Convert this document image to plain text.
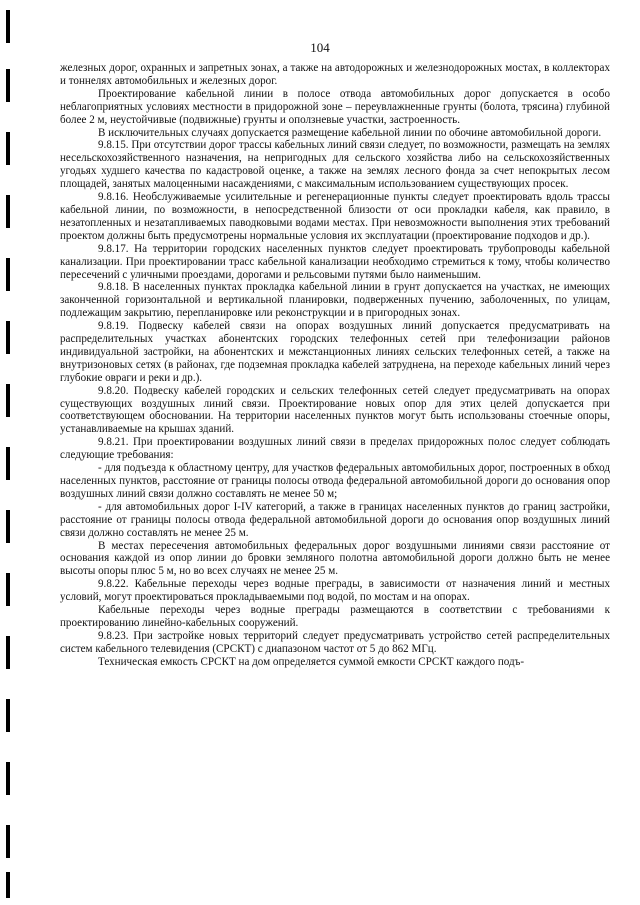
104

железных дорог, охранных и запретных зонах, а также на автодорожных и железнодорожных мостах, в коллекторах и тоннелях автомобильных и железных дорог.

Проектирование кабельной линии в полосе отвода автомобильных дорог допускается в особо неблагоприятных условиях местности в придорожной зоне – переувлажненные грунты (болота, трясина) глубиной более 2 м, неустойчивые (подвижные) грунты и оползневые участки, застроенность.

В исключительных случаях допускается размещение кабельной линии по обочине автомобильной дороги.

9.8.15. При отсутствии дорог трассы кабельных линий связи следует, по возможности, размещать на землях несельскохозяйственного назначения, на непригодных для сельского хозяйства либо на сельскохозяйственных угодьях худшего качества по кадастровой оценке, а также на землях лесного фонда за счет непокрытых лесом площадей, занятых малоценными насаждениями, с максимальным использованием существующих просек.

9.8.16. Необслуживаемые усилительные и регенерационные пункты следует проектировать вдоль трассы кабельной линии, по возможности, в непосредственной близости от оси прокладки кабеля, как правило, в незатопленных и незатапливаемых паводковыми водами местах. При невозможности выполнения этих требований проектом должны быть предусмотрены нормальные условия их эксплуатации (проектирование подходов и др.).

9.8.17. На территории городских населенных пунктов следует проектировать трубопроводы кабельной канализации. При проектировании трасс кабельной канализации необходимо стремиться к тому, чтобы количество пересечений с уличными проездами, дорогами и рельсовыми путями было наименьшим.

9.8.18. В населенных пунктах прокладка кабельной линии в грунт допускается на участках, не имеющих законченной горизонтальной и вертикальной планировки, подверженных пучению, заболоченных, по улицам, подлежащим закрытию, перепланировке или реконструкции и в пригородных зонах.

9.8.19. Подвеску кабелей связи на опорах воздушных линий допускается предусматривать на распределительных участках абонентских городских телефонных сетей при телефонизации районов индивидуальной застройки, на абонентских и межстанционных линиях сельских телефонных сетей, а также на внутризоновых сетях (в районах, где подземная прокладка кабелей затруднена, на переходе кабельных линий через глубокие овраги и реки и др.).

9.8.20. Подвеску кабелей городских и сельских телефонных сетей следует предусматривать на опорах существующих воздушных линий связи. Проектирование новых опор для этих целей допускается при соответствующем обосновании. На территории населенных пунктов могут быть использованы стоечные опоры, устанавливаемые на крышах зданий.

9.8.21. При проектировании воздушных линий связи в пределах придорожных полос следует соблюдать следующие требования:

- для подъезда к областному центру, для участков федеральных автомобильных дорог, построенных в обход населенных пунктов, расстояние от границы полосы отвода федеральной автомобильной дороги до основания опор воздушных линий связи должно составлять не менее 50 м;

- для автомобильных дорог I-IV категорий, а также в границах населенных пунктов до границ застройки, расстояние от границы полосы отвода федеральной автомобильной дороги до основания опор воздушных линий связи должно составлять не менее 25 м.

В местах пересечения автомобильных федеральных дорог воздушными линиями связи расстояние от основания каждой из опор линии до бровки земляного полотна автомобильной дороги должно быть не менее высоты опоры плюс 5 м, но во всех случаях не менее 25 м.

9.8.22. Кабельные переходы через водные преграды, в зависимости от назначения линий и местных условий, могут проектироваться прокладываемыми под водой, по мостам и на опорах.

Кабельные переходы через водные преграды размещаются в соответствии с требованиями к проектированию линейно-кабельных сооружений.

9.8.23. При застройке новых территорий следует предусматривать устройство сетей распределительных систем кабельного телевидения (СРСКТ) с диапазоном частот от 5 до 862 МГц.

Техническая емкость СРСКТ на дом определяется суммой емкости СРСКТ каждого подъ-
